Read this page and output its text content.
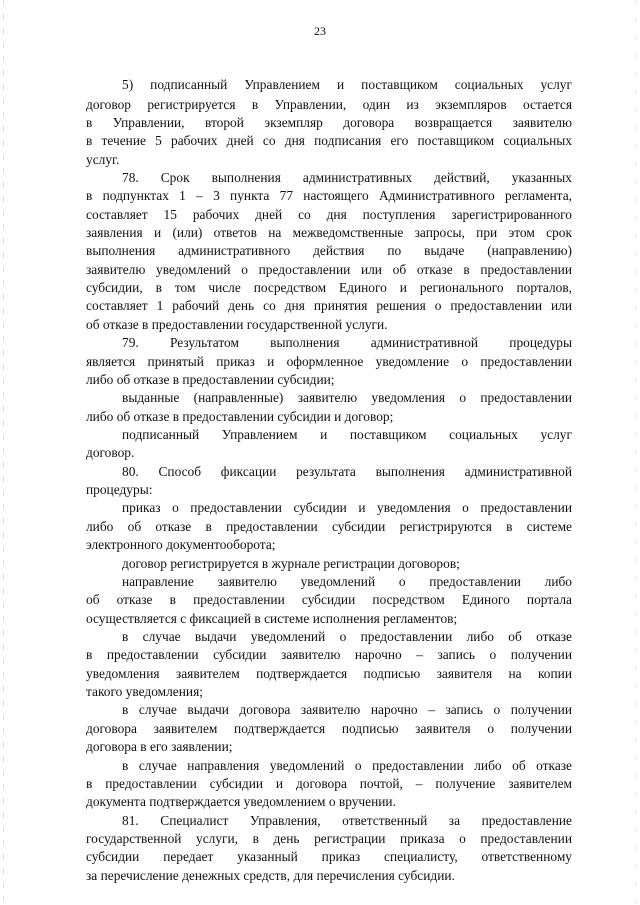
23
5) подписанный Управлением и поставщиком социальных услуг
договор регистрируется в Управлении, один из экземпляров остается
в Управлении, второй экземпляр договора возвращается заявителю
в течение 5 рабочих дней со дня подписания его поставщиком социальных
услуг.
78. Срок выполнения административных действий, указанных
в подпунктах 1 – 3 пункта 77 настоящего Административного регламента,
составляет 15 рабочих дней со дня поступления зарегистрированного
заявления и (или) ответов на межведомственные запросы, при этом срок
выполнения административного действия по выдаче (направлению)
заявителю уведомлений о предоставлении или об отказе в предоставлении
субсидии, в том числе посредством Единого и регионального порталов,
составляет 1 рабочий день со дня принятия решения о предоставлении или
об отказе в предоставлении государственной услуги.
79. Результатом выполнения административной процедуры
является принятый приказ и оформленное уведомление о предоставлении
либо об отказе в предоставлении субсидии;
выданные (направленные) заявителю уведомления о предоставлении
либо об отказе в предоставлении субсидии и договор;
подписанный Управлением и поставщиком социальных услуг
договор.
80. Способ фиксации результата выполнения административной
процедуры:
приказ о предоставлении субсидии и уведомления о предоставлении
либо об отказе в предоставлении субсидии регистрируются в системе
электронного документооборота;
договор регистрируется в журнале регистрации договоров;
направление заявителю уведомлений о предоставлении либо
об отказе в предоставлении субсидии посредством Единого портала
осуществляется с фиксацией в системе исполнения регламентов;
в случае выдачи уведомлений о предоставлении либо об отказе
в предоставлении субсидии заявителю нарочно – запись о получении
уведомления заявителем подтверждается подписью заявителя на копии
такого уведомления;
в случае выдачи договора заявителю нарочно – запись о получении
договора заявителем подтверждается подписью заявителя о получении
договора в его заявлении;
в случае направления уведомлений о предоставлении либо об отказе
в предоставлении субсидии и договора почтой, – получение заявителем
документа подтверждается уведомлением о вручении.
81. Специалист Управления, ответственный за предоставление
государственной услуги, в день регистрации приказа о предоставлении
субсидии передает указанный приказ специалисту, ответственному
за перечисление денежных средств, для перечисления субсидии.
